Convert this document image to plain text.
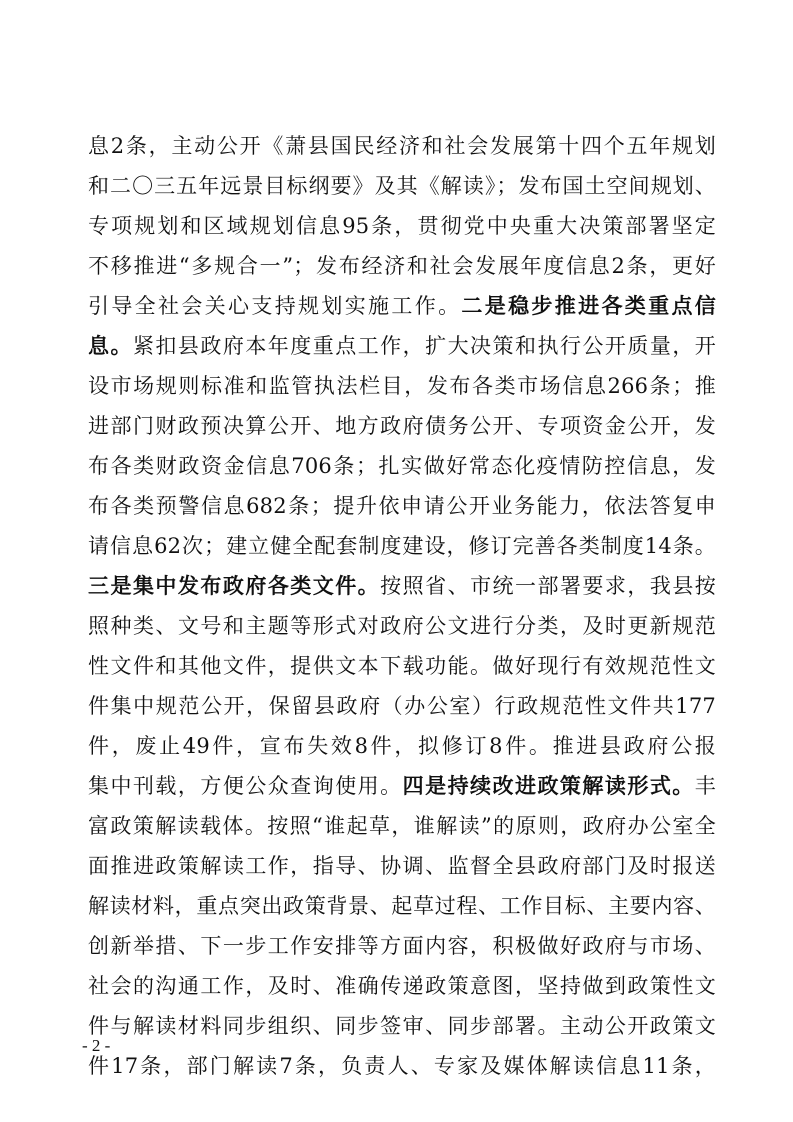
息2条，主动公开《萧县国民经济和社会发展第十四个五年规划
和二〇三五年远景目标纲要》及其《解读》；发布国土空间规划、
专项规划和区域规划信息95条，贯彻党中央重大决策部署坚定
不移推进“多规合一”；发布经济和社会发展年度信息2条，更好
引导全社会关心支持规划实施工作。二是稳步推进各类重点信
息。紧扣县政府本年度重点工作，扩大决策和执行公开质量，开
设市场规则标准和监管执法栏目，发布各类市场信息266条；推
进部门财政预决算公开、地方政府债务公开、专项资金公开，发
布各类财政资金信息706条；扎实做好常态化疫情防控信息，发
布各类预警信息682条；提升依申请公开业务能力，依法答复申
请信息62次；建立健全配套制度建设，修订完善各类制度14条。
三是集中发布政府各类文件。按照省、市统一部署要求，我县按
照种类、文号和主题等形式对政府公文进行分类，及时更新规范
性文件和其他文件，提供文本下载功能。做好现行有效规范性文
件集中规范公开，保留县政府（办公室）行政规范性文件共177
件，废止49件，宣布失效8件，拟修订8件。推进县政府公报
集中刊载，方便公众查询使用。四是持续改进政策解读形式。丰
富政策解读载体。按照“谁起草，谁解读”的原则，政府办公室全
面推进政策解读工作，指导、协调、监督全县政府部门及时报送
解读材料，重点突出政策背景、起草过程、工作目标、主要内容、
创新举措、下一步工作安排等方面内容，积极做好政府与市场、
社会的沟通工作，及时、准确传递政策意图，坚持做到政策性文
件与解读材料同步组织、同步签审、同步部署。主动公开政策文
件17条，部门解读7条，负责人、专家及媒体解读信息11条，
- 2 -
